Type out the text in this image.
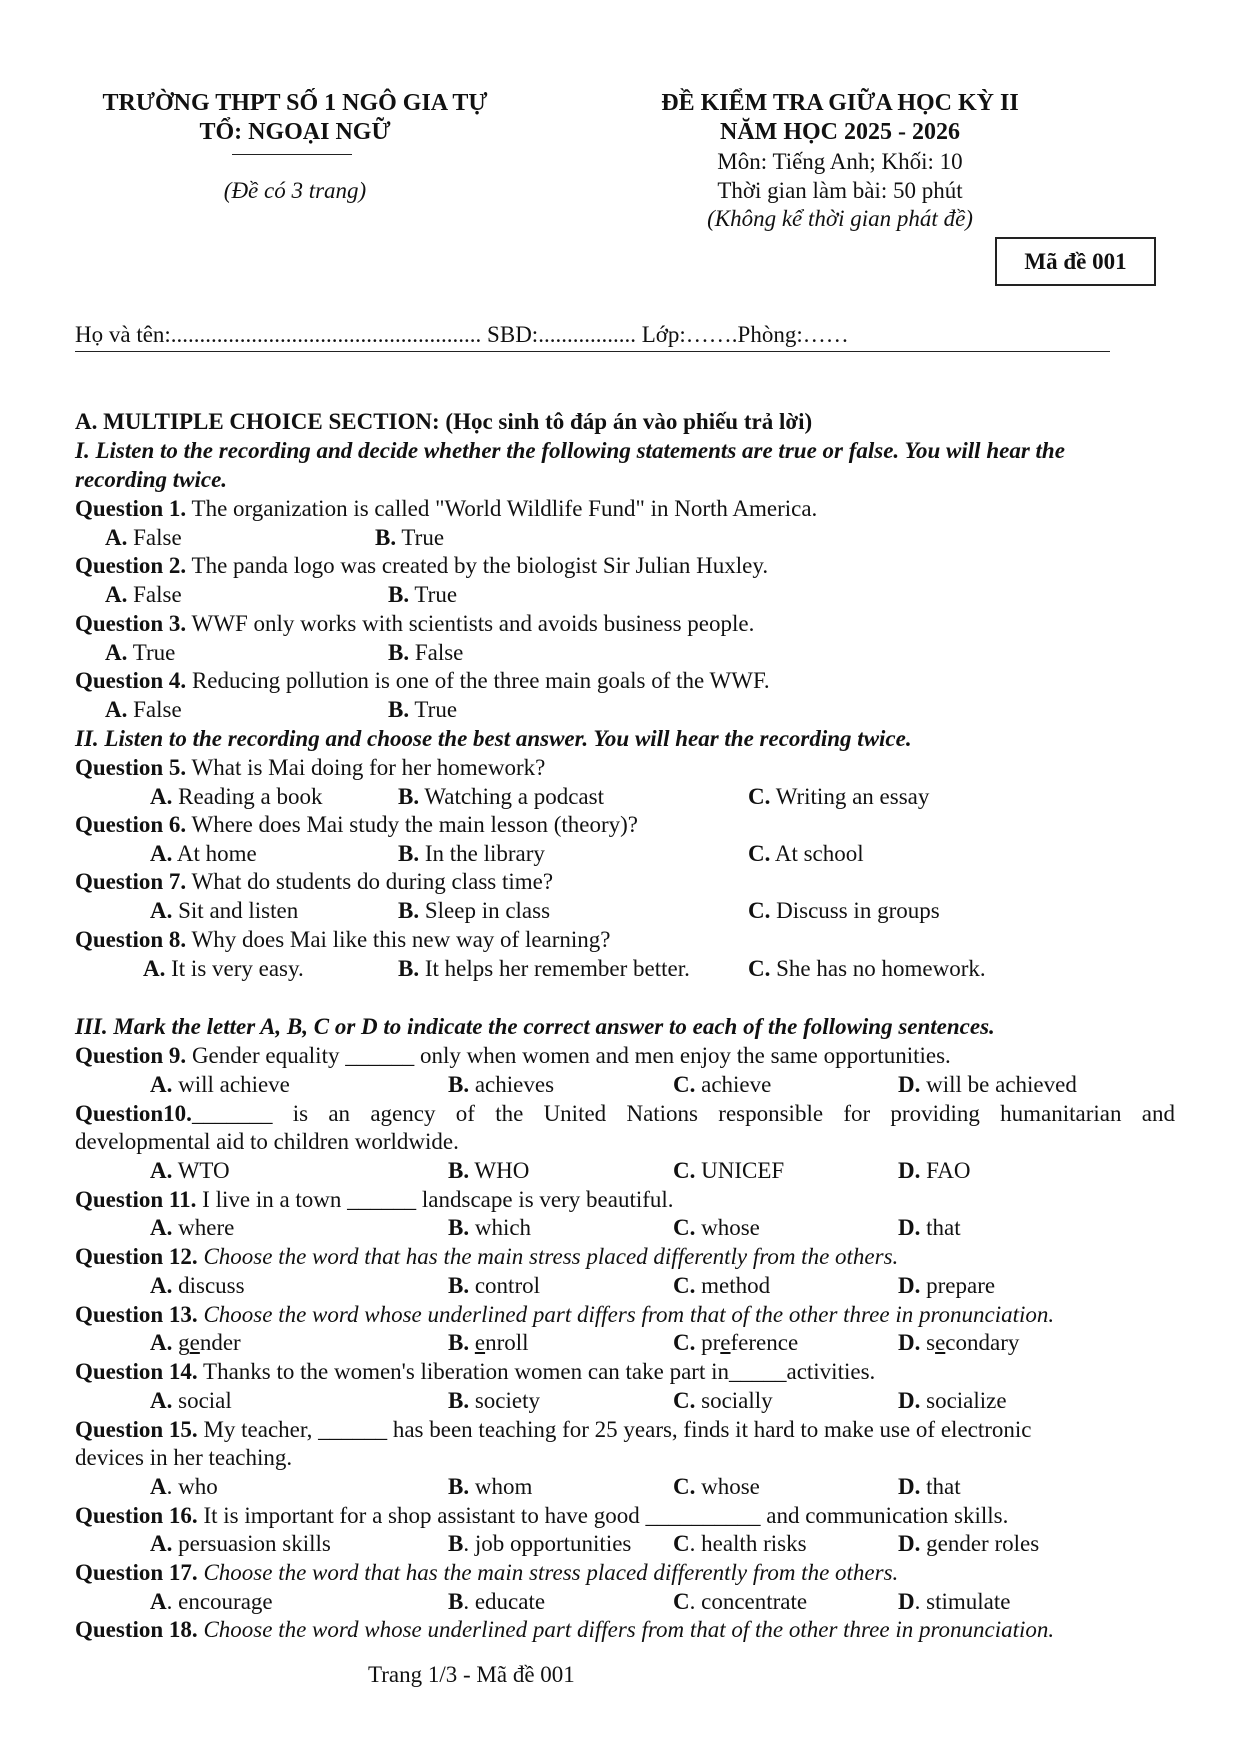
TRƯỜNG THPT SỐ 1 NGÔ GIA TỰ
TỔ: NGOẠI NGỮ
(Đề có 3 trang)
ĐỀ KIỂM TRA GIỮA HỌC KỲ II
NĂM HỌC 2025 - 2026
Môn: Tiếng Anh; Khối: 10
Thời gian làm bài: 50 phút
(Không kể thời gian phát đề)
Mã đề 001
Họ và tên:...................................................... SBD:................. Lớp:…….Phòng:……
A. MULTIPLE CHOICE SECTION: (Học sinh tô đáp án vào phiếu trả lời)
I. Listen to the recording and decide whether the following statements are true or false. You will hear the
recording twice.
Question 1. The organization is called "World Wildlife Fund" in North America.
A. False	B. True
Question 2. The panda logo was created by the biologist Sir Julian Huxley.
A. False	B. True
Question 3. WWF only works with scientists and avoids business people.
A. True	B. False
Question 4. Reducing pollution is one of the three main goals of the WWF.
A. False	B. True
II. Listen to the recording and choose the best answer. You will hear the recording twice.
Question 5. What is Mai doing for her homework?
A. Reading a book	B. Watching a podcast	C. Writing an essay
Question 6. Where does Mai study the main lesson (theory)?
A. At home	B. In the library	C. At school
Question 7. What do students do during class time?
A. Sit and listen	B. Sleep in class	C. Discuss in groups
Question 8. Why does Mai like this new way of learning?
A. It is very easy.	B. It helps her remember better.	C. She has no homework.
III. Mark the letter A, B, C or D to indicate the correct answer to each of the following sentences.
Question 9. Gender equality ______ only when women and men enjoy the same opportunities.
A. will achieve	B. achieves	C. achieve	D. will be achieved
Question10._______ is an agency of the United Nations responsible for providing humanitarian and
developmental aid to children worldwide.
A. WTO	B. WHO	C. UNICEF	D. FAO
Question 11. I live in a town ______ landscape is very beautiful.
A. where	B. which	C. whose	D. that
Question 12. Choose the word that has the main stress placed differently from the others.
A. discuss	B. control	C. method	D. prepare
Question 13. Choose the word whose underlined part differs from that of the other three in pronunciation.
A. gender	B. enroll	C. preference	D. secondary
Question 14. Thanks to the women's liberation women can take part in_____activities.
A. social	B. society	C. socially	D. socialize
Question 15. My teacher, ______ has been teaching for 25 years, finds it hard to make use of electronic
devices in her teaching.
A. who	B. whom	C. whose	D. that
Question 16. It is important for a shop assistant to have good __________ and communication skills.
A. persuasion skills	B. job opportunities C. health risks	D. gender roles
Question 17. Choose the word that has the main stress placed differently from the others.
A. encourage	B. educate	C. concentrate	D. stimulate
Question 18. Choose the word whose underlined part differs from that of the other three in pronunciation.
Trang 1/3 - Mã đề 001
